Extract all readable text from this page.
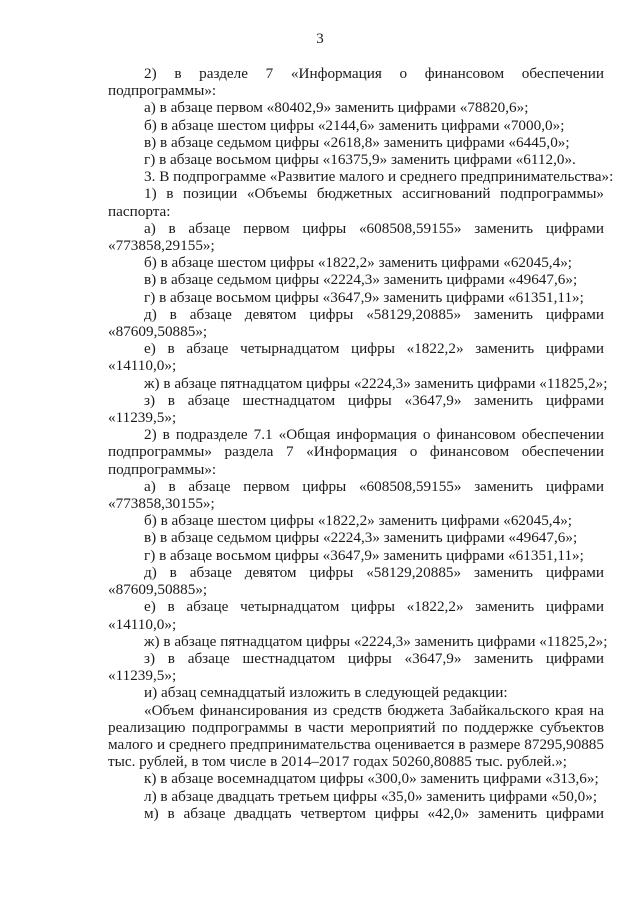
3

2) в разделе 7 «Информация о финансовом обеспечении подпрограммы»:

а) в абзаце первом «80402,9» заменить цифрами «78820,6»;

б) в абзаце шестом цифры «2144,6» заменить цифрами «7000,0»;

в) в абзаце седьмом цифры «2618,8» заменить цифрами «6445,0»;

г) в абзаце восьмом цифры «16375,9» заменить цифрами «6112,0».

3. В подпрограмме «Развитие малого и среднего предпринимательства»:

1) в позиции «Объемы бюджетных ассигнований подпрограммы» паспорта:

а) в абзаце первом цифры «608508,59155» заменить цифрами «773858,29155»;

б) в абзаце шестом цифры «1822,2» заменить цифрами «62045,4»;

в) в абзаце седьмом цифры «2224,3» заменить цифрами «49647,6»;

г) в абзаце восьмом цифры «3647,9» заменить цифрами «61351,11»;

д) в абзаце девятом цифры «58129,20885» заменить цифрами «87609,50885»;

е) в абзаце четырнадцатом цифры «1822,2» заменить цифрами «14110,0»;

ж) в абзаце пятнадцатом цифры «2224,3» заменить цифрами «11825,2»;

з) в абзаце шестнадцатом цифры «3647,9» заменить цифрами «11239,5»;

2) в подразделе 7.1 «Общая информация о финансовом обеспечении подпрограммы» раздела 7 «Информация о финансовом обеспечении подпрограммы»:

а) в абзаце первом цифры «608508,59155» заменить цифрами «773858,30155»;

б) в абзаце шестом цифры «1822,2» заменить цифрами «62045,4»;

в) в абзаце седьмом цифры «2224,3» заменить цифрами «49647,6»;

г) в абзаце восьмом цифры «3647,9» заменить цифрами «61351,11»;

д) в абзаце девятом цифры «58129,20885» заменить цифрами «87609,50885»;

е) в абзаце четырнадцатом цифры «1822,2» заменить цифрами «14110,0»;

ж) в абзаце пятнадцатом цифры «2224,3» заменить цифрами «11825,2»;

з) в абзаце шестнадцатом цифры «3647,9» заменить цифрами «11239,5»;

и) абзац семнадцатый изложить в следующей редакции:

«Объем финансирования из средств бюджета Забайкальского края на реализацию подпрограммы в части мероприятий по поддержке субъектов малого и среднего предпринимательства оценивается в размере 87295,90885 тыс. рублей, в том числе в 2014–2017 годах 50260,80885 тыс. рублей.»;

к) в абзаце восемнадцатом цифры «300,0» заменить цифрами «313,6»;

л) в абзаце двадцать третьем цифры «35,0» заменить цифрами «50,0»;

м) в абзаце двадцать четвертом цифры «42,0» заменить цифрами
